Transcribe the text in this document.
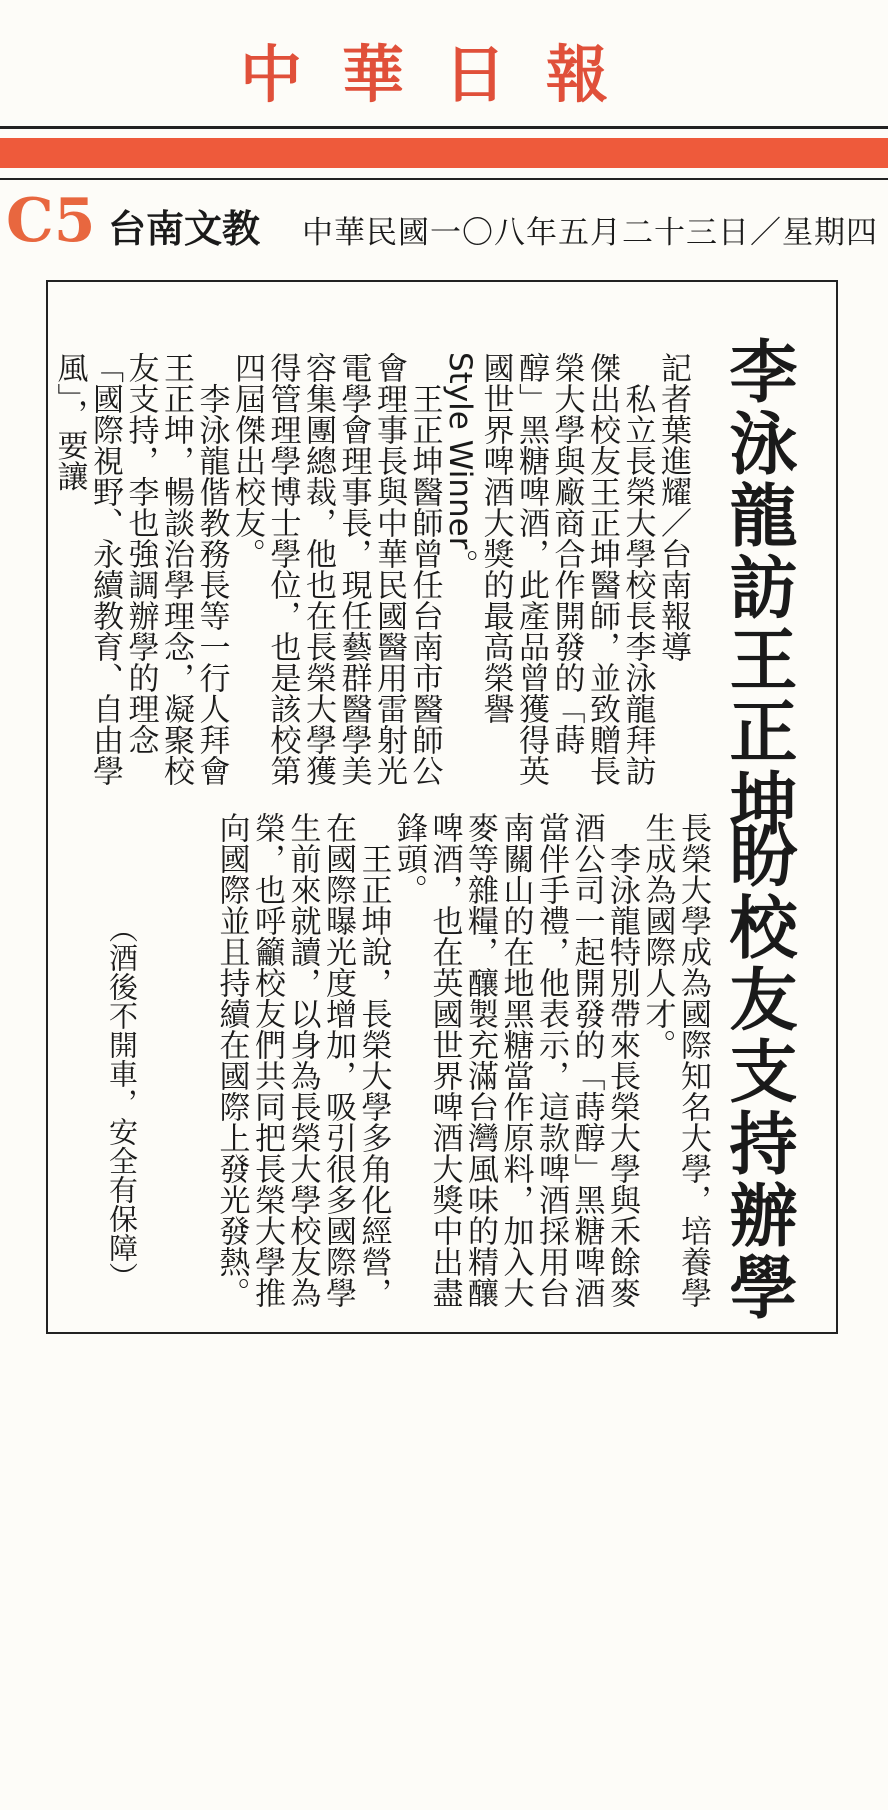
中華日報
C5 台南文教 中華民國一〇八年五月二十三日／星期四
李泳龍訪王正坤
盼校友支持辦學

記者葉進耀／台南報導

私立長榮大學校長李泳龍拜訪傑出校友王正坤醫師，並致贈長榮大學與廠商合作開發的「蒔醇」黑糖啤酒，此產品曾獲得英國世界啤酒大獎的最高榮譽Style Winner。

王正坤醫師曾任台南市醫師公會理事長與中華民國醫用雷射光電學會理事長，現任藝群醫學美容集團總裁，他也在長榮大學獲得管理學博士學位，也是該校第四屆傑出校友。

李泳龍偕教務長等一行人拜會王正坤，暢談治學理念，凝聚校友支持，李也強調辦學的理念「國際視野、永續教育、自由學風」，要讓

長榮大學成為國際知名大學，培養學生成為國際人才。

李泳龍特別帶來長榮大學與禾餘麥酒公司一起開發的「蒔醇」黑糖啤酒當伴手禮，他表示，這款啤酒採用台南關山的在地黑糖當作原料，加入大麥等雜糧，釀製充滿台灣風味的精釀啤酒，也在英國世界啤酒大獎中出盡鋒頭。

王正坤說，長榮大學多角化經營，在國際曝光度增加，吸引很多國際學生前來就讀，以身為長榮大學校友為榮，也呼籲校友們共同把長榮大學推向國際並且持續在國際上發光發熱。

（酒後不開車，安全有保障）
